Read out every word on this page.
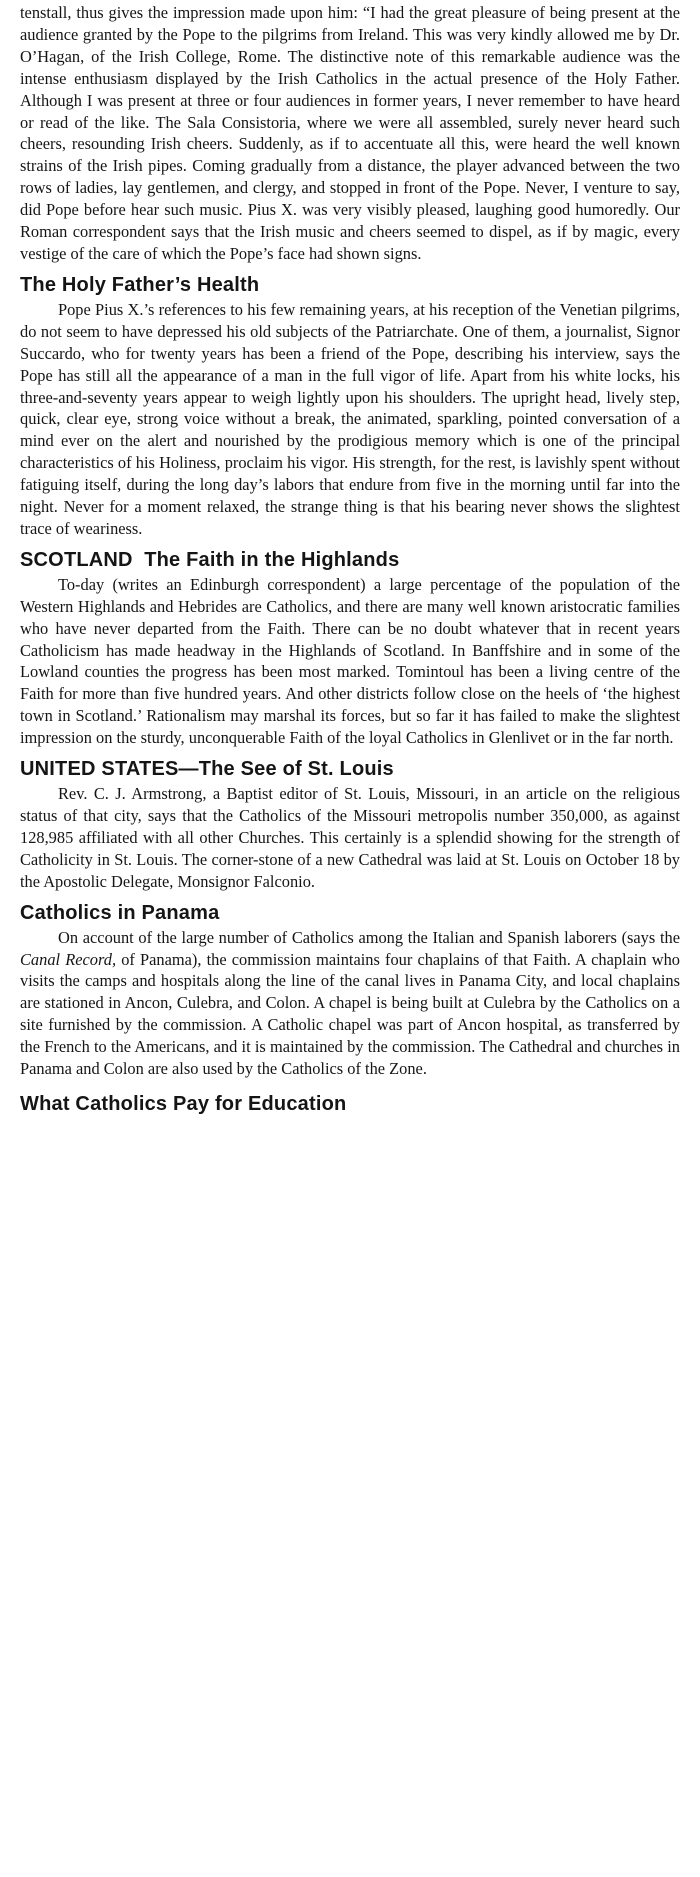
tenstall, thus gives the impression made upon him: “I had the great pleasure of being present at the audience granted by the Pope to the pilgrims from Ireland. This was very kindly allowed me by Dr. O’Hagan, of the Irish College, Rome. The distinctive note of this remarkable audience was the intense enthusiasm displayed by the Irish Catholics in the actual presence of the Holy Father. Although I was present at three or four audiences in former years, I never remember to have heard or read of the like. The Sala Consistoria, where we were all assembled, surely never heard such cheers, resounding Irish cheers. Suddenly, as if to accentuate all this, were heard the well known strains of the Irish pipes. Coming gradually from a distance, the player advanced between the two rows of ladies, lay gentlemen, and clergy, and stopped in front of the Pope. Never, I venture to say, did Pope before hear such music. Pius X. was very visibly pleased, laughing good humoredly. Our Roman correspondent says that the Irish music and cheers seemed to dispel, as if by magic, every vestige of the care of which the Pope’s face had shown signs.

The Holy Father’s Health

Pope Pius X.’s references to his few remaining years, at his reception of the Venetian pilgrims, do not seem to have depressed his old subjects of the Patriarchate. One of them, a journalist, Signor Succardo, who for twenty years has been a friend of the Pope, describing his interview, says the Pope has still all the appearance of a man in the full vigor of life. Apart from his white locks, his three-and-seventy years appear to weigh lightly upon his shoulders. The upright head, lively step, quick, clear eye, strong voice without a break, the animated, sparkling, pointed conversation of a mind ever on the alert and nourished by the prodigious memory which is one of the principal characteristics of his Holiness, proclaim his vigor. His strength, for the rest, is lavishly spent without fatiguing itself, during the long day’s labors that endure from five in the morning until far into the night. Never for a moment relaxed, the strange thing is that his bearing never shows the slightest trace of weariness.

SCOTLAND  The Faith in the Highlands

To-day (writes an Edinburgh correspondent) a large percentage of the population of the Western Highlands and Hebrides are Catholics, and there are many well known aristocratic families who have never departed from the Faith. There can be no doubt whatever that in recent years Catholicism has made headway in the Highlands of Scotland. In Banffshire and in some of the Lowland counties the progress has been most marked. Tomintoul has been a living centre of the Faith for more than five hundred years. And other districts follow close on the heels of ‘the highest town in Scotland.’ Rationalism may marshal its forces, but so far it has failed to make the slightest impression on the sturdy, unconquerable Faith of the loyal Catholics in Glenlivet or in the far north.

UNITED STATES—The See of St. Louis

Rev. C. J. Armstrong, a Baptist editor of St. Louis, Missouri, in an article on the religious status of that city, says that the Catholics of the Missouri metropolis number 350,000, as against 128,985 affiliated with all other Churches. This certainly is a splendid showing for the strength of Catholicity in St. Louis. The corner-stone of a new Cathedral was laid at St. Louis on October 18 by the Apostolic Delegate, Monsignor Falconio.

Catholics in Panama

On account of the large number of Catholics among the Italian and Spanish laborers (says the Canal Record, of Panama), the commission maintains four chaplains of that Faith. A chaplain who visits the camps and hospitals along the line of the canal lives in Panama City, and local chaplains are stationed in Ancon, Culebra, and Colon. A chapel is being built at Culebra by the Catholics on a site furnished by the commission. A Catholic chapel was part of Ancon hospital, as transferred by the French to the Americans, and it is maintained by the commission. The Cathedral and churches in Panama and Colon are also used by the Catholics of the Zone.

What Catholics Pay for Education
